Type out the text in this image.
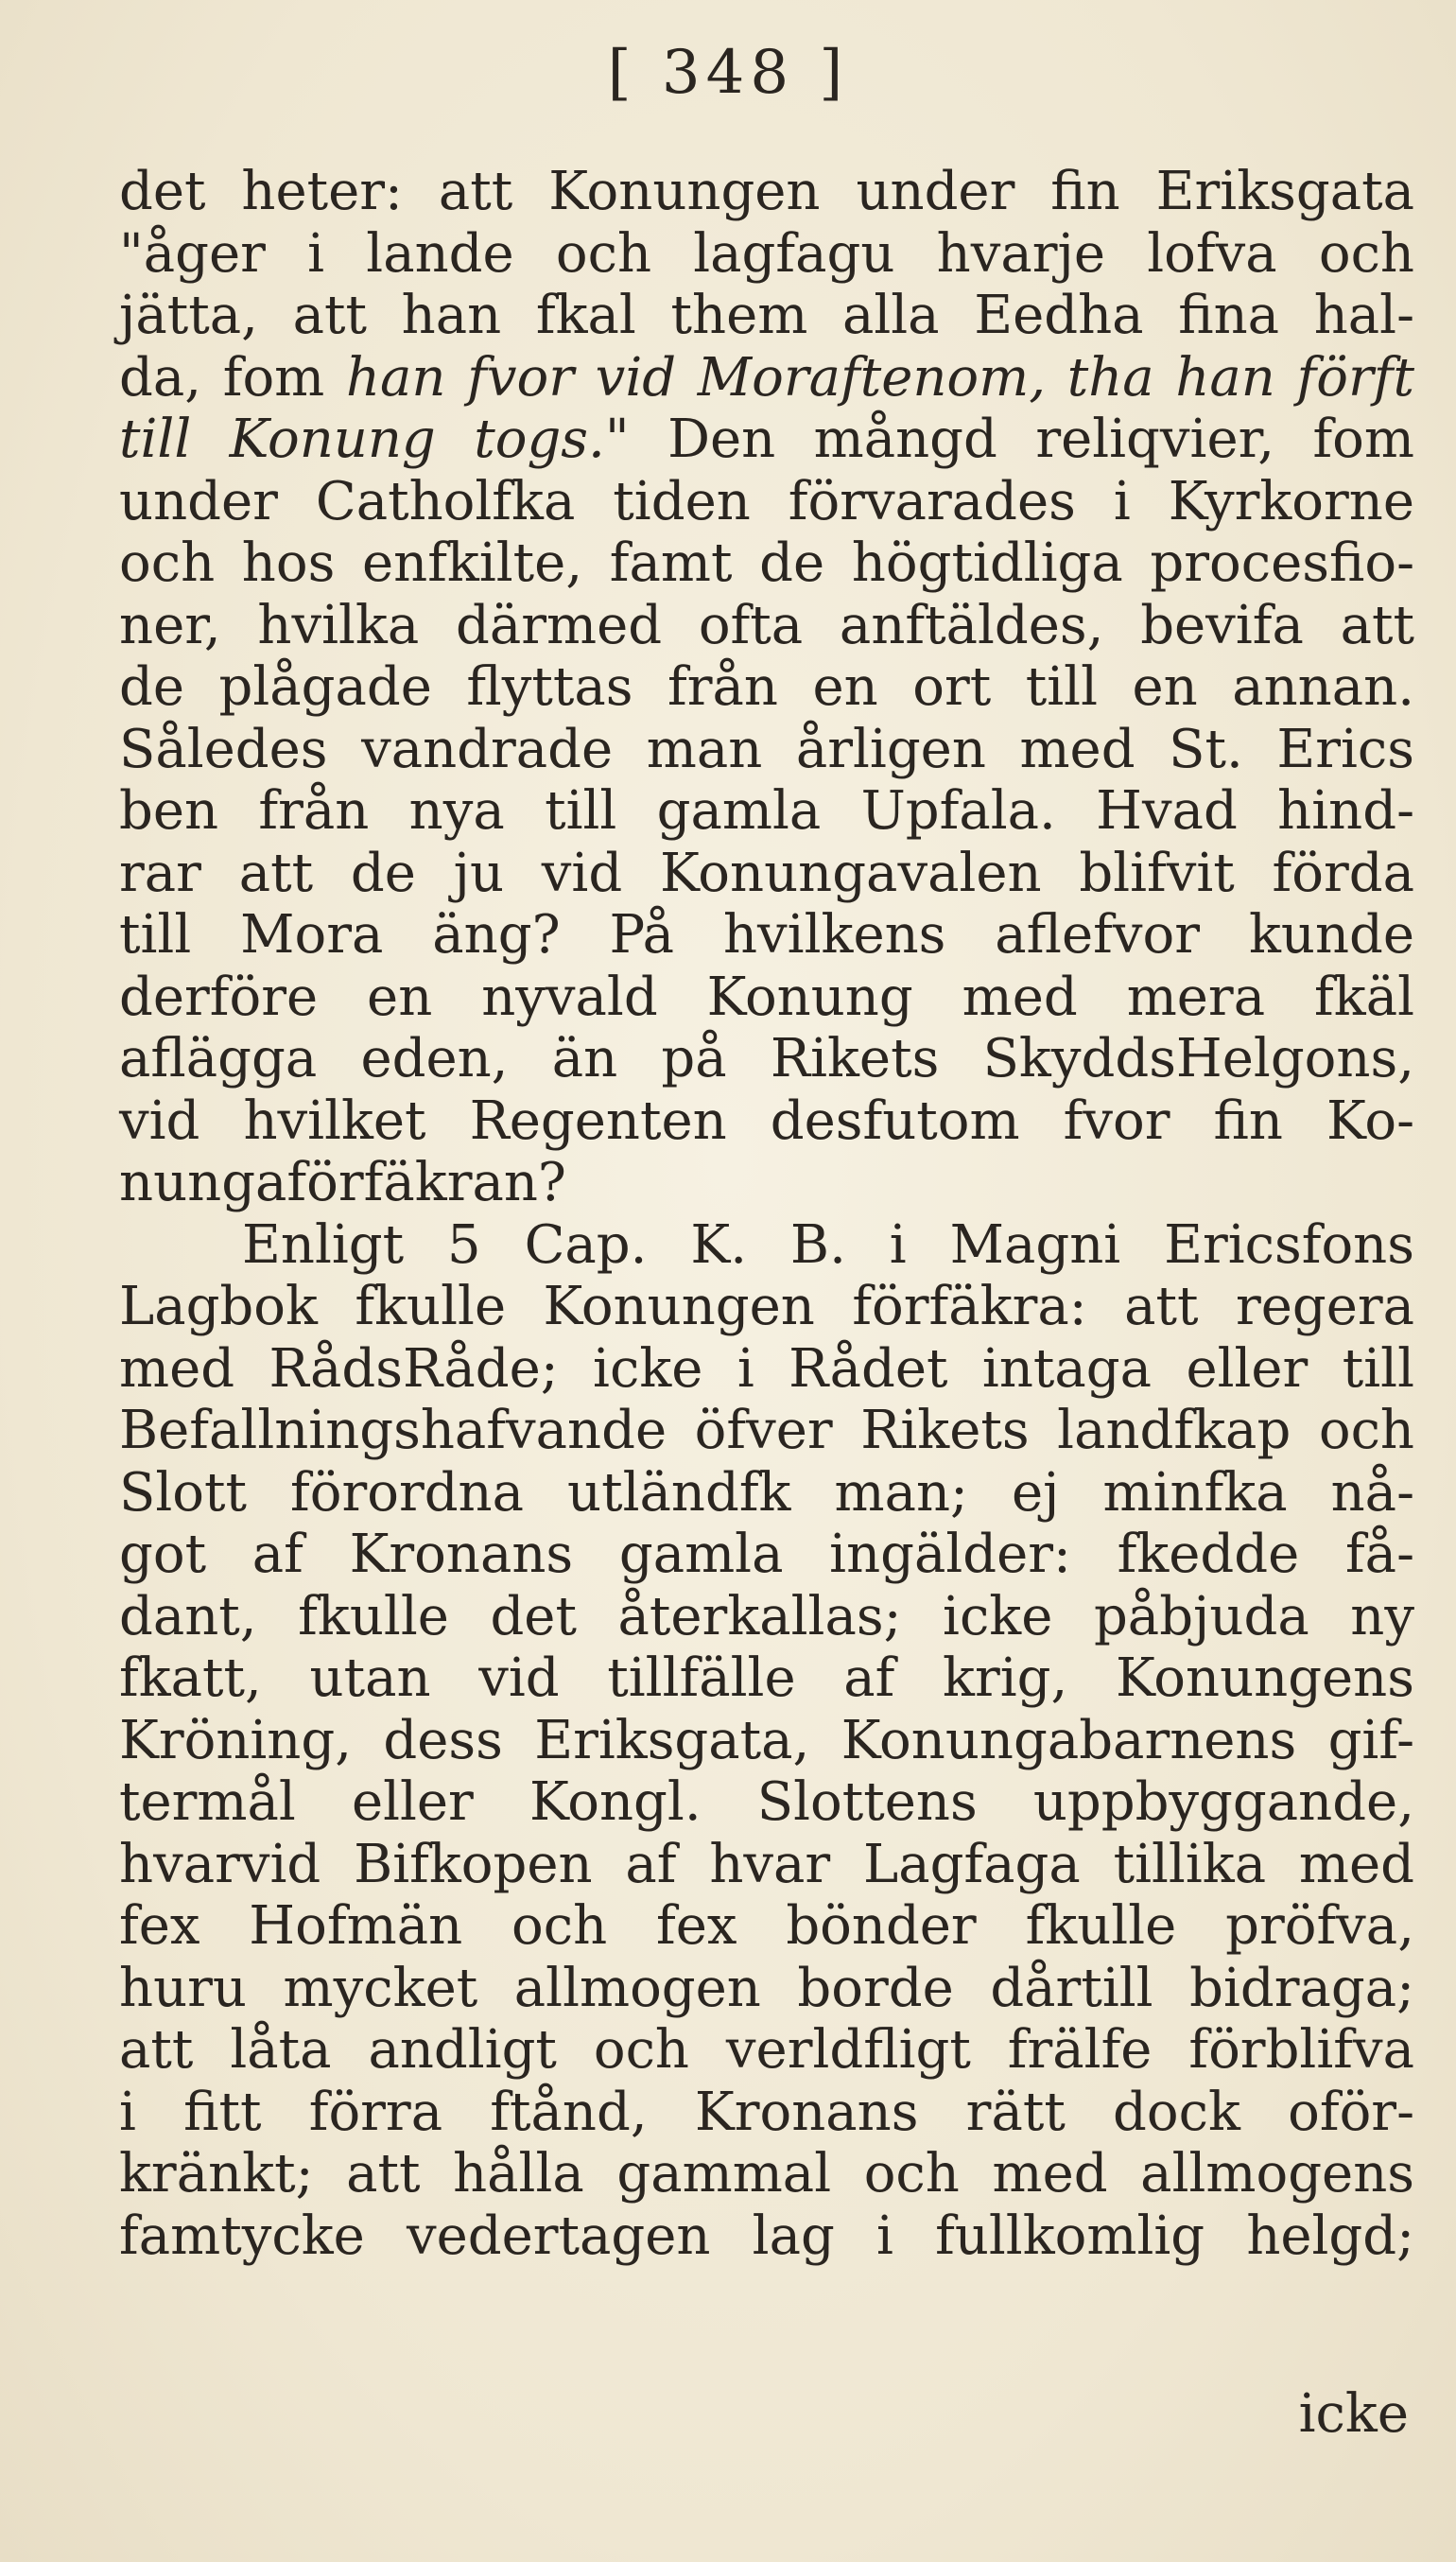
[ 348 ]
det heter: att Konungen under fin Eriksgata
"åger i lande och lagfagu hvarje lofva och
jätta, att han fkal them alla Eedha fina hal-
da, fom han fvor vid Moraftenom, tha han förft
till Konung togs." Den mångd reliqvier, fom
under Catholfka tiden förvarades i Kyrkorne
och hos enfkilte, famt de högtidliga procesfio-
ner, hvilka därmed ofta anftäldes, bevifa att
de plågade flyttas från en ort till en annan.
Således vandrade man årligen med St. Erics
ben från nya till gamla Upfala. Hvad hind-
rar att de ju vid Konungavalen blifvit förda
till Mora äng? På hvilkens aflefvor kunde
derföre en nyvald Konung med mera fkäl
aflägga eden, än på Rikets SkyddsHelgons,
vid hvilket Regenten desfutom fvor fin Ko-
nungaförfäkran?
Enligt 5 Cap. K. B. i Magni Ericsfons
Lagbok fkulle Konungen förfäkra: att regera
med RådsRåde; icke i Rådet intaga eller till
Befallningshafvande öfver Rikets landfkap och
Slott förordna utländfk man; ej minfka nå-
got af Kronans gamla ingälder: fkedde få-
dant, fkulle det återkallas; icke påbjuda ny
fkatt, utan vid tillfälle af krig, Konungens
Kröning, dess Eriksgata, Konungabarnens gif-
termål eller Kongl. Slottens uppbyggande,
hvarvid Bifkopen af hvar Lagfaga tillika med
fex Hofmän och fex bönder fkulle pröfva,
huru mycket allmogen borde dårtill bidraga;
att låta andligt och verldfligt frälfe förblifva
i fitt förra ftånd, Kronans rätt dock oför-
kränkt; att hålla gammal och med allmogens
famtycke vedertagen lag i fullkomlig helgd;
icke
